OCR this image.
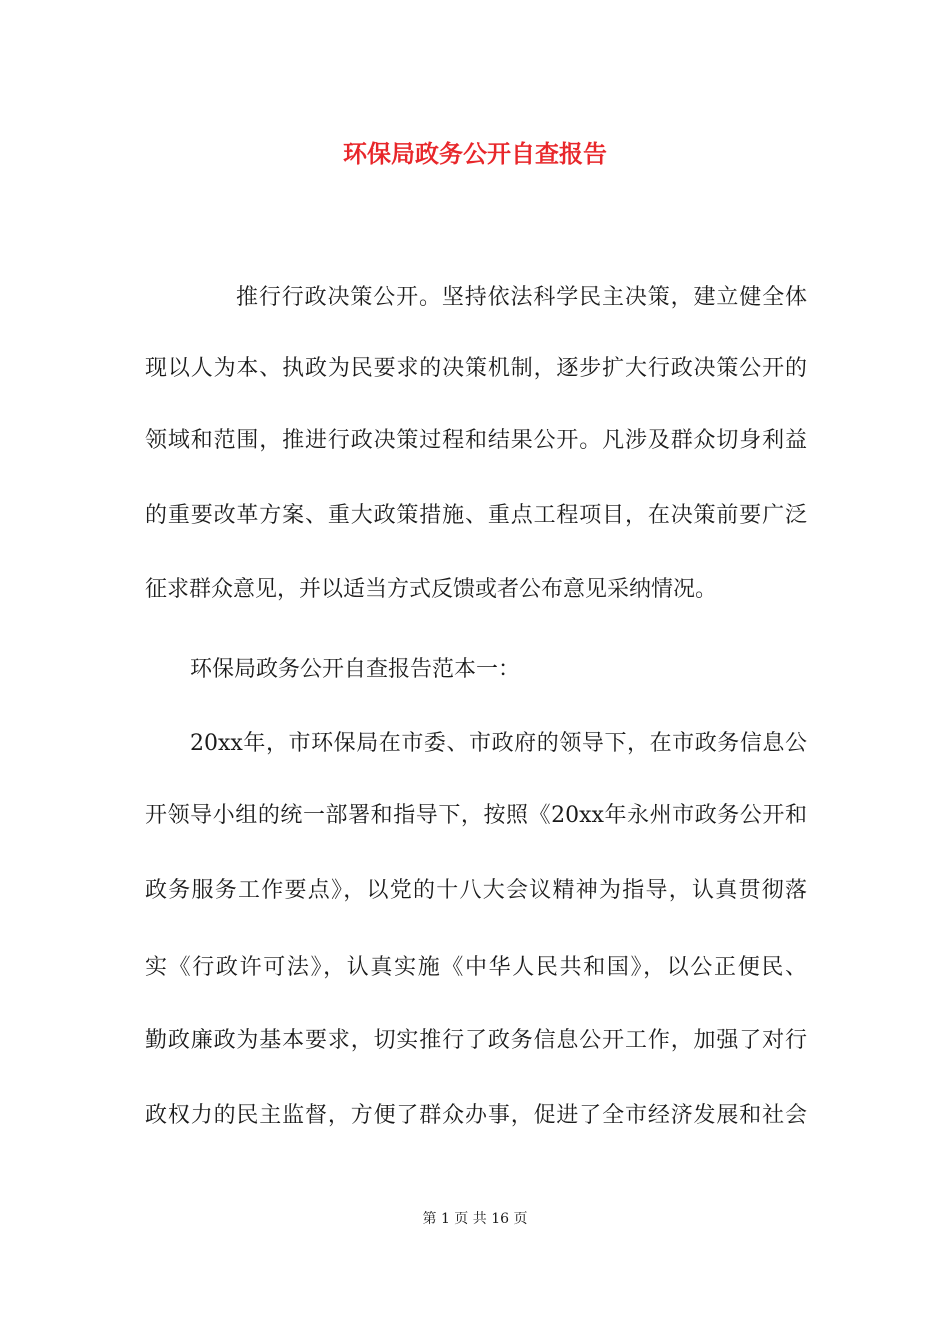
环保局政务公开自查报告
推行行政决策公开。坚持依法科学民主决策，建立健全体
现以人为本、执政为民要求的决策机制，逐步扩大行政决策公开的
领域和范围，推进行政决策过程和结果公开。凡涉及群众切身利益
的重要改革方案、重大政策措施、重点工程项目，在决策前要广泛
征求群众意见，并以适当方式反馈或者公布意见采纳情况。
环保局政务公开自查报告范本一：
20xx年，市环保局在市委、市政府的领导下，在市政务信息公
开领导小组的统一部署和指导下，按照《20xx年永州市政务公开和
政务服务工作要点》，以党的十八大会议精神为指导，认真贯彻落
实《行政许可法》，认真实施《中华人民共和国》，以公正便民、
勤政廉政为基本要求，切实推行了政务信息公开工作，加强了对行
政权力的民主监督，方便了群众办事，促进了全市经济发展和社会
第 1 页 共 16 页
